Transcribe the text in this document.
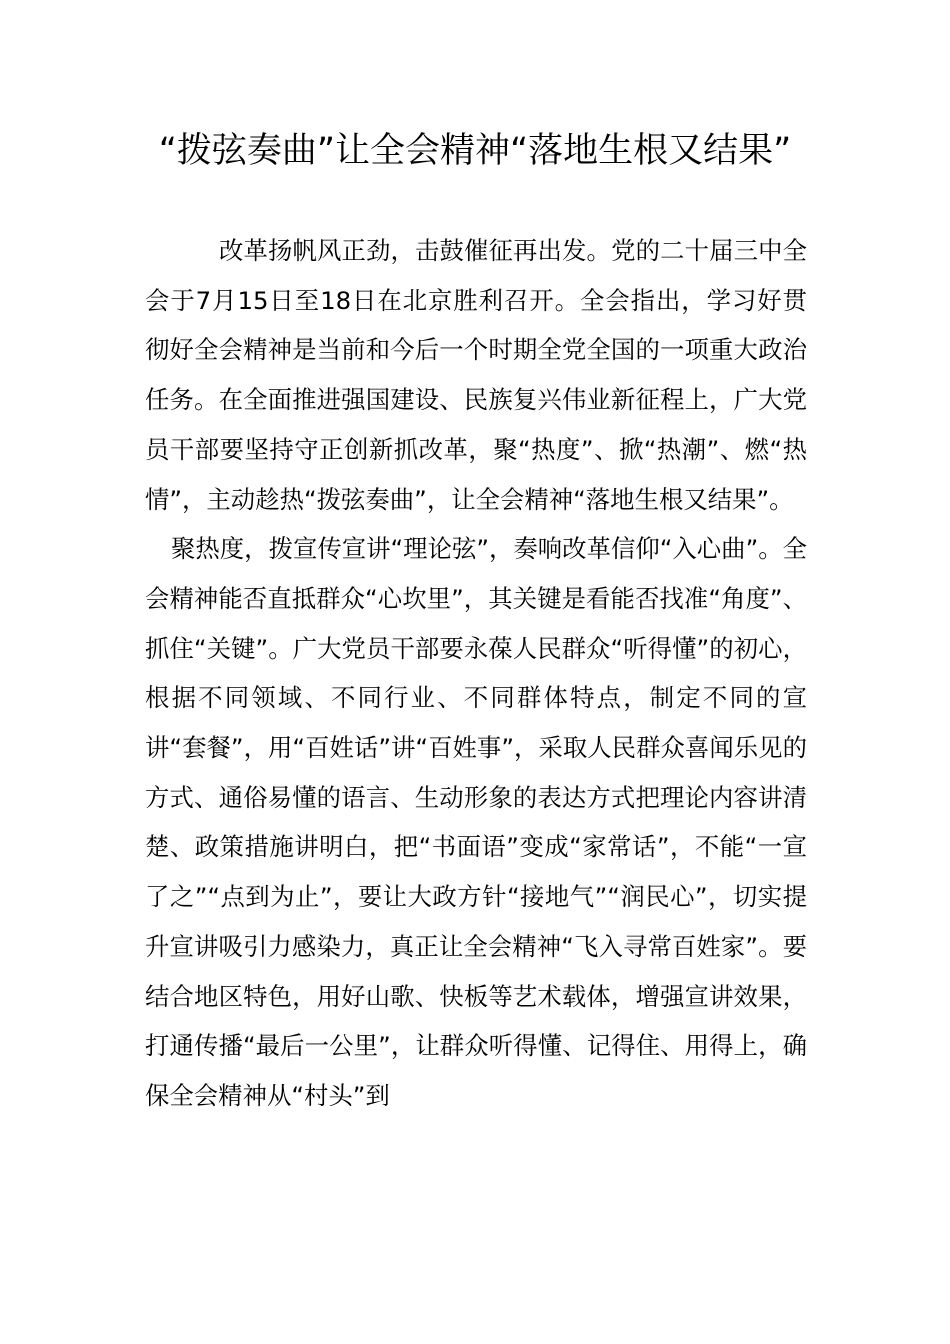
“拨弦奏曲”让全会精神“落地生根又结果”

改革扬帆风正劲，击鼓催征再出发。党的二十届三中全会于7月15日至18日在北京胜利召开。全会指出，学习好贯彻好全会精神是当前和今后一个时期全党全国的一项重大政治任务。在全面推进强国建设、民族复兴伟业新征程上，广大党员干部要坚持守正创新抓改革，聚“热度”、掀“热潮”、燃“热情”，主动趁热“拨弦奏曲”，让全会精神“落地生根又结果”。

聚热度，拨宣传宣讲“理论弦”，奏响改革信仰“入心曲”。全会精神能否直抵群众“心坎里”，其关键是看能否找准“角度”、抓住“关键”。广大党员干部要永葆人民群众“听得懂”的初心，根据不同领域、不同行业、不同群体特点，制定不同的宣讲“套餐”，用“百姓话”讲“百姓事”，采取人民群众喜闻乐见的方式、通俗易懂的语言、生动形象的表达方式把理论内容讲清楚、政策措施讲明白，把“书面语”变成“家常话”，不能“一宣了之”“点到为止”，要让大政方针“接地气”“润民心”，切实提升宣讲吸引力感染力，真正让全会精神“飞入寻常百姓家”。要结合地区特色，用好山歌、快板等艺术载体，增强宣讲效果，打通传播“最后一公里”，让群众听得懂、记得住、用得上，确保全会精神从“村头”到
